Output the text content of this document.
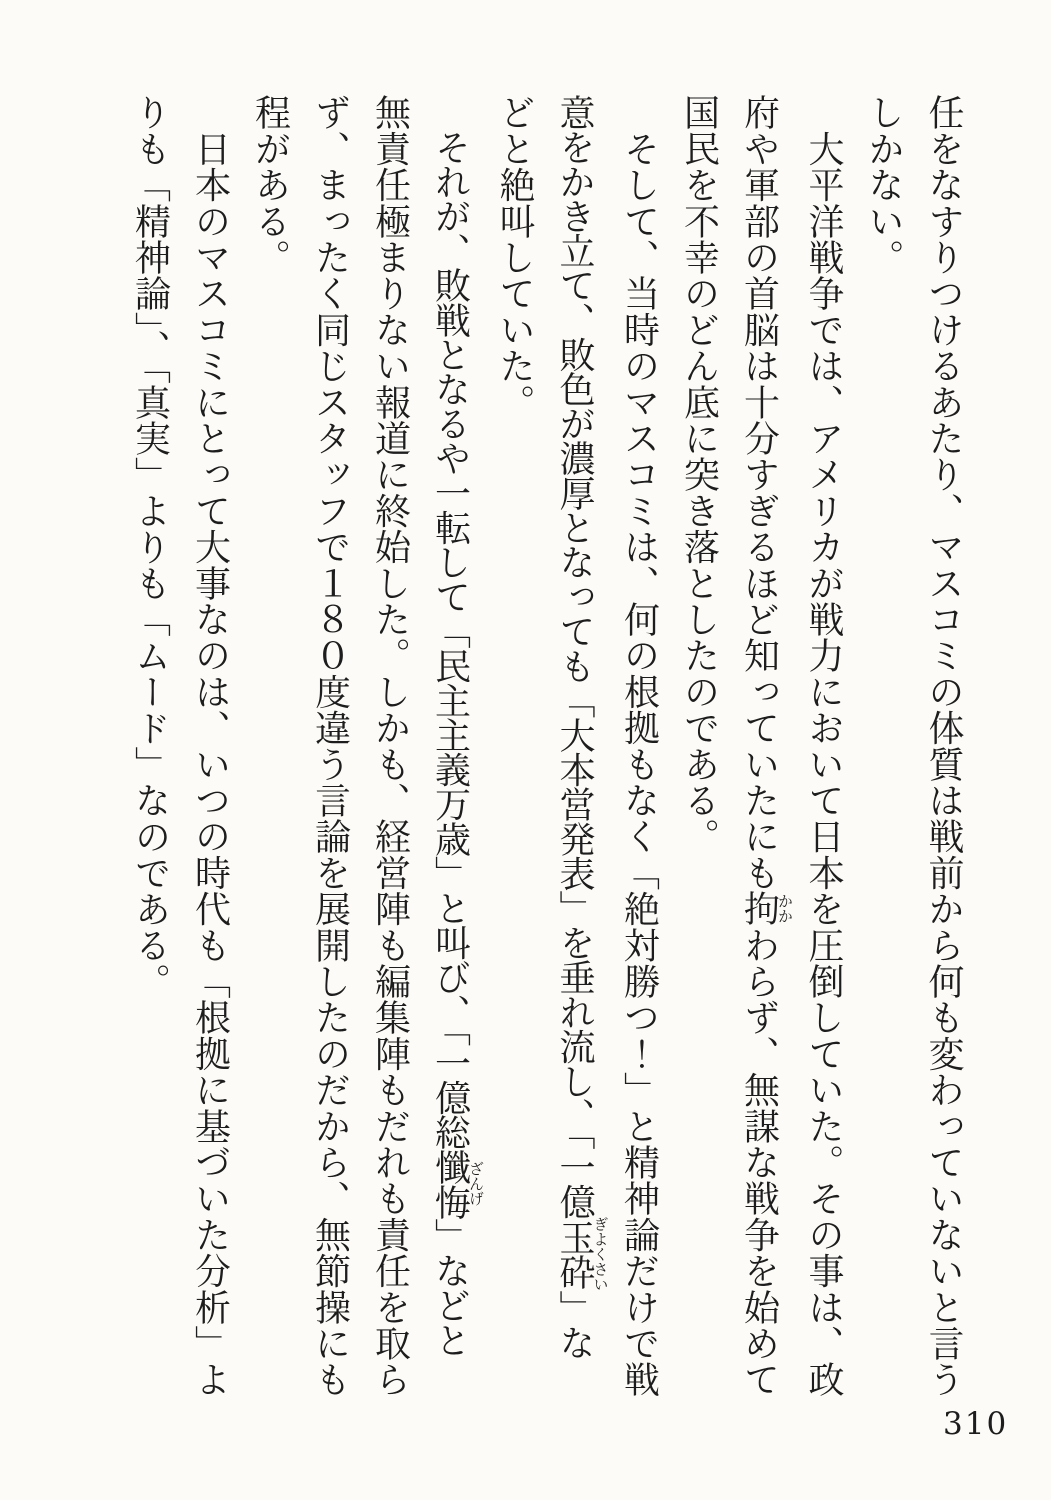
任をなすりつけるあたり、マスコミの体質は戦前から何も変わっていないと言う
しかない。
　大平洋戦争では、アメリカが戦力において日本を圧倒していた。その事は、政
府や軍部の首脳は十分すぎるほど知っていたにも拘かかわらず、無謀な戦争を始めて
国民を不幸のどん底に突き落としたのである。
　そして、当時のマスコミは、何の根拠もなく「絶対勝つ！」と精神論だけで戦
意をかき立て、敗色が濃厚となっても「大本営発表」を垂れ流し、「一億玉砕ぎよくさい」な
どと絶叫していた。
　それが、敗戦となるや一転して「民主主義万歳」と叫び、「一億総懺悔ざんげ」などと
無責任極まりない報道に終始した。しかも、経営陣も編集陣もだれも責任を取ら
ず、まったく同じスタッフで１８０度違う言論を展開したのだから、無節操にも
程がある。
　日本のマスコミにとって大事なのは、いつの時代も「根拠に基づいた分析」よ
りも「精神論」、「真実」よりも「ムード」なのである。
310
